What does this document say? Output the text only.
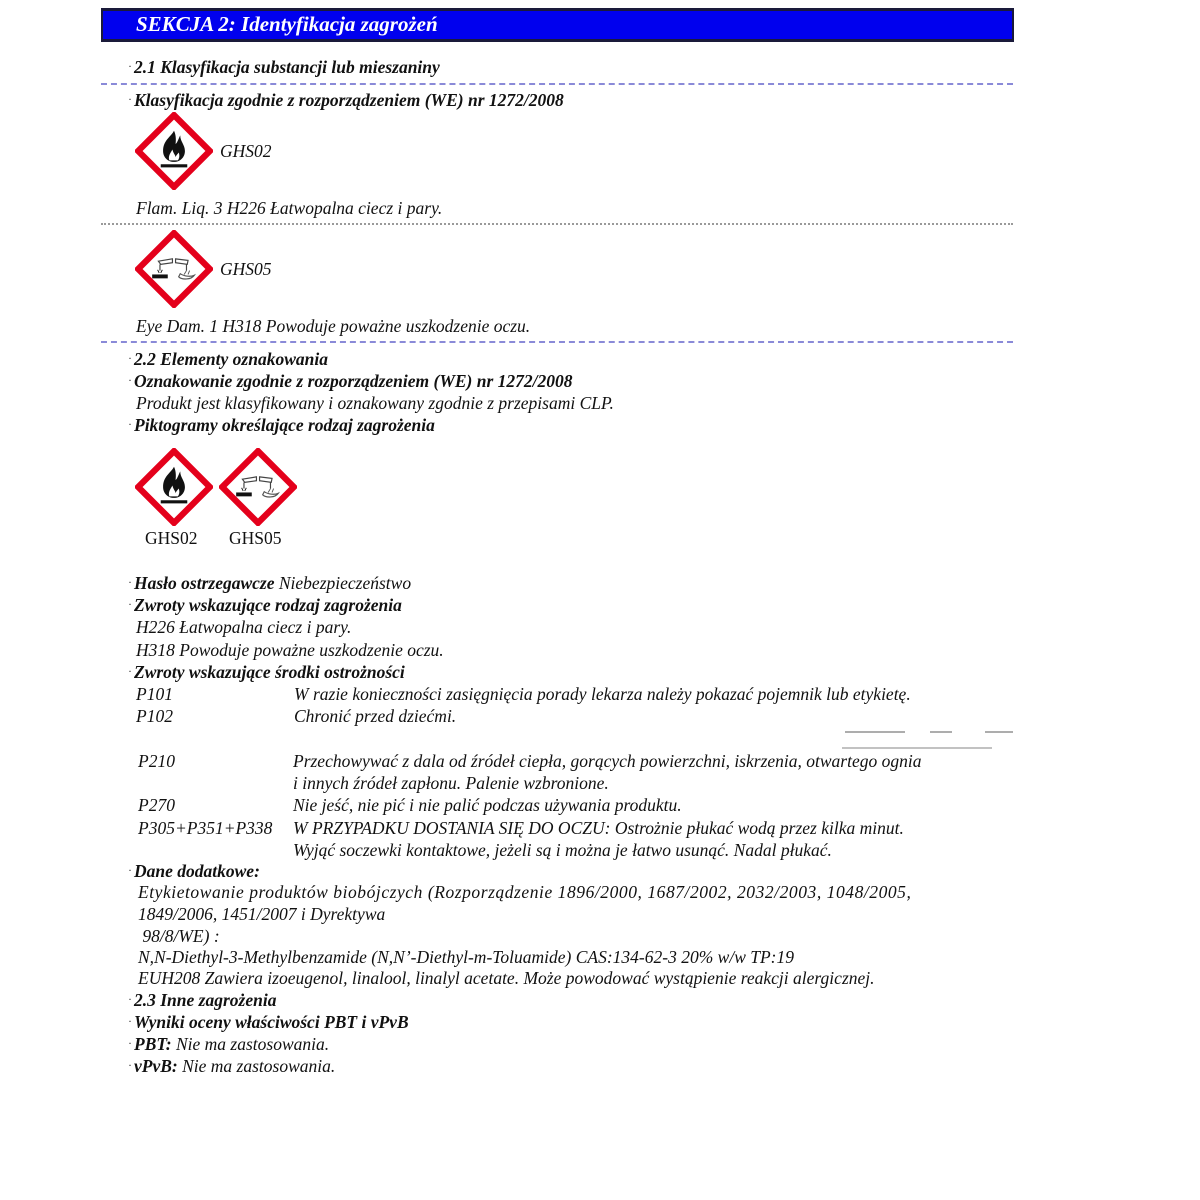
SEKCJA 2: Identyfikacja zagrożeń
· 2.1 Klasyfikacja substancji lub mieszaniny
· Klasyfikacja zgodnie z rozporządzeniem (WE) nr 1272/2008
GHS02
Flam. Liq. 3 H226 Łatwopalna ciecz i pary.
GHS05
Eye Dam. 1 H318 Powoduje poważne uszkodzenie oczu.
· 2.2 Elementy oznakowania
· Oznakowanie zgodnie z rozporządzeniem (WE) nr 1272/2008
Produkt jest klasyfikowany i oznakowany zgodnie z przepisami CLP.
· Piktogramy określające rodzaj zagrożenia
GHS02 GHS05
· Hasło ostrzegawcze Niebezpieczeństwo
· Zwroty wskazujące rodzaj zagrożenia
H226 Łatwopalna ciecz i pary.
H318 Powoduje poważne uszkodzenie oczu.
· Zwroty wskazujące środki ostrożności
P101	W razie konieczności zasięgnięcia porady lekarza należy pokazać pojemnik lub etykietę.
P102	Chronić przed dziećmi.
P210	Przechowywać z dala od źródeł ciepła, gorących powierzchni, iskrzenia, otwartego ognia
i innych źródeł zapłonu. Palenie wzbronione.
P270	Nie jeść, nie pić i nie palić podczas używania produktu.
P305+P351+P338 W PRZYPADKU DOSTANIA SIĘ DO OCZU: Ostrożnie płukać wodą przez kilka minut.
Wyjąć soczewki kontaktowe, jeżeli są i można je łatwo usunąć. Nadal płukać.
· Dane dodatkowe:
Etykietowanie produktów biobójczych (Rozporządzenie 1896/2000, 1687/2002, 2032/2003, 1048/2005,
1849/2006, 1451/2007 i Dyrektywa
98/8/WE) :
N,N-Diethyl-3-Methylbenzamide (N,N’-Diethyl-m-Toluamide) CAS:134-62-3 20% w/w TP:19
EUH208 Zawiera izoeugenol, linalool, linalyl acetate. Może powodować wystąpienie reakcji alergicznej.
· 2.3 Inne zagrożenia
· Wyniki oceny właściwości PBT i vPvB
· PBT: Nie ma zastosowania.
· vPvB: Nie ma zastosowania.
